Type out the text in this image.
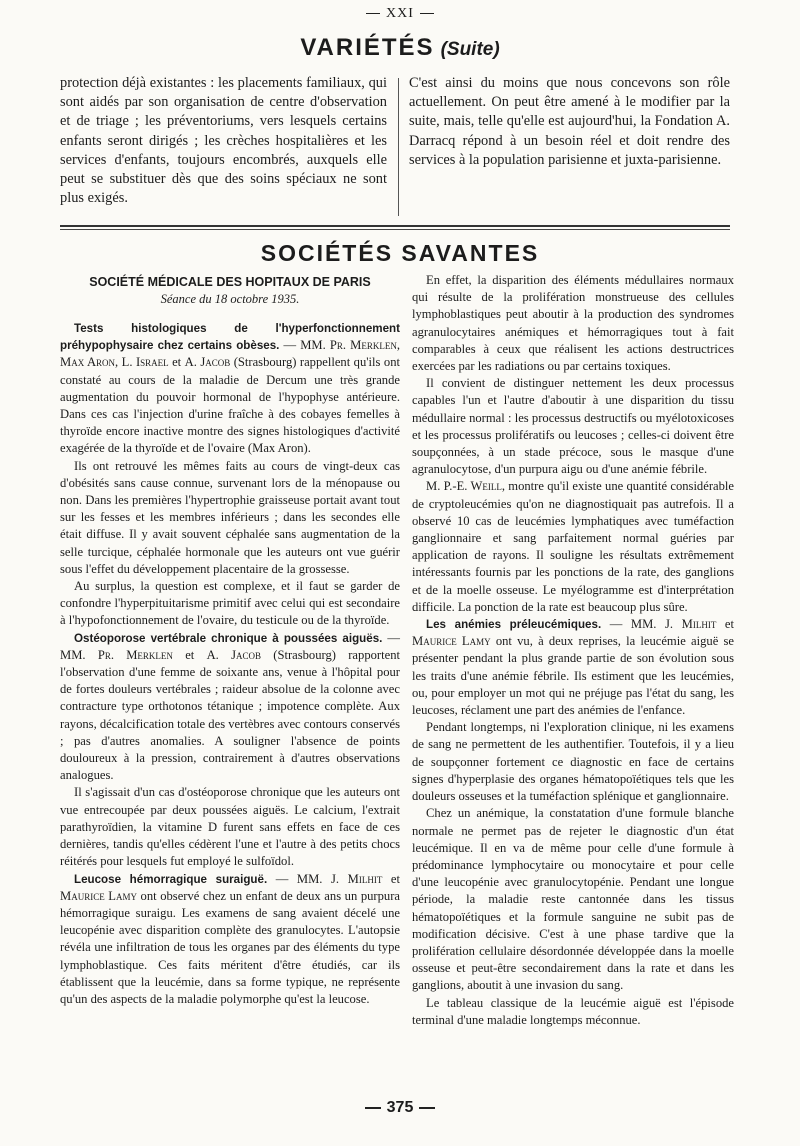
XXI
VARIÉTÉS (Suite)
protection déjà existantes : les placements familiaux, qui sont aidés par son organisation de centre d'observation et de triage ; les préventoriums, vers lesquels certains enfants seront dirigés ; les crèches hospitalières et les services d'enfants, toujours encombrés, auxquels elle peut se substituer dès que des soins spéciaux ne sont plus exigés.
C'est ainsi du moins que nous concevons son rôle actuellement. On peut être amené à le modifier par la suite, mais, telle qu'elle est aujourd'hui, la Fondation A. Darracq répond à un besoin réel et doit rendre des services à la population parisienne et juxta-parisienne.
SOCIÉTÉS SAVANTES
SOCIÉTÉ MÉDICALE DES HOPITAUX DE PARIS
Séance du 18 octobre 1935.

Tests histologiques de l'hyperfonctionnement préhypophysaire chez certains obèses. — MM. Pr. Merklen, Max Aron, L. Israel et A. Jacob (Strasbourg) rappellent qu'ils ont constaté au cours de la maladie de Dercum une très grande augmentation du pouvoir hormonal de l'hypophyse antérieure. Dans ces cas l'injection d'urine fraîche à des cobayes femelles à thyroïde encore inactive montre des signes histologiques d'activité exagérée de la thyroïde et de l'ovaire (Max Aron).

Ils ont retrouvé les mêmes faits au cours de vingt-deux cas d'obésités sans cause connue, survenant lors de la ménopause ou non. Dans les premières l'hypertrophie graisseuse portait avant tout sur les fesses et les membres inférieurs ; dans les secondes elle était diffuse. Il y avait souvent céphalée sans augmentation de la selle turcique, céphalée hormonale que les auteurs ont vue guérir sous l'effet du développement placentaire de la grossesse.

Au surplus, la question est complexe, et il faut se garder de confondre l'hyperpituitarisme primitif avec celui qui est secondaire à l'hypofonctionnement de l'ovaire, du testicule ou de la thyroïde.

Ostéoporose vertébrale chronique à poussées aiguës. — MM. Pr. Merklen et A. Jacob (Strasbourg) rapportent l'observation d'une femme de soixante ans, venue à l'hôpital pour de fortes douleurs vertébrales ; raideur absolue de la colonne avec contracture type orthotonos tétanique ; impotence complète. Aux rayons, décalcification totale des vertèbres avec contours conservés ; pas d'autres anomalies. A souligner l'absence de points douloureux à la pression, contrairement à d'autres observations analogues.

Il s'agissait d'un cas d'ostéoporose chronique que les auteurs ont vue entrecoupée par deux poussées aiguës. Le calcium, l'extrait parathyroïdien, la vitamine D furent sans effets en face de ces dernières, tandis qu'elles cédèrent l'une et l'autre à des petits chocs réitérés pour lesquels fut employé le sulfoïdol.

Leucose hémorragique suraiguë. — MM. J. Milhit et Maurice Lamy ont observé chez un enfant de deux ans un purpura hémorragique suraigu. Les examens de sang avaient décelé une leucopénie avec disparition complète des granulocytes. L'autopsie révéla une infiltration de tous les organes par des éléments du type lymphoblastique. Ces faits méritent d'être étudiés, car ils établissent que la leucémie, dans sa forme typique, ne représente qu'un des aspects de la maladie polymorphe qu'est la leucose.

En effet, la disparition des éléments médullaires normaux qui résulte de la prolifération monstrueuse des cellules lymphoblastiques peut aboutir à la production des syndromes agranulocytaires anémiques et hémorragiques tout à fait comparables à ceux que réalisent les actions destructrices exercées par les radiations ou par certains toxiques.

Il convient de distinguer nettement les deux processus capables l'un et l'autre d'aboutir à une disparition du tissu médullaire normal : les processus destructifs ou myélotoxicoses et les processus prolifératifs ou leucoses ; celles-ci doivent être soupçonnées, à un stade précoce, sous le masque d'une agranulocytose, d'un purpura aigu ou d'une anémie fébrile.

M. P.-E. Weill, montre qu'il existe une quantité considérable de cryptoleucémies qu'on ne diagnostiquait pas autrefois. Il a observé 10 cas de leucémies lymphatiques avec tuméfaction ganglionnaire et sang parfaitement normal guéries par application de rayons. Il souligne les résultats extrêmement intéressants fournis par les ponctions de la rate, des ganglions et de la moelle osseuse. Le myélogramme est d'interprétation difficile. La ponction de la rate est beaucoup plus sûre.

Les anémies préleucémiques. — MM. J. Milhit et Maurice Lamy ont vu, à deux reprises, la leucémie aiguë se présenter pendant la plus grande partie de son évolution sous les traits d'une anémie fébrile. Ils estiment que les leucémies, ou, pour employer un mot qui ne préjuge pas l'état du sang, les leucoses, réclament une part des anémies de l'enfance.

Pendant longtemps, ni l'exploration clinique, ni les examens de sang ne permettent de les authentifier. Toutefois, il y a lieu de soupçonner fortement ce diagnostic en face de certains signes d'hyperplasie des organes hématopoïétiques tels que les douleurs osseuses et la tuméfaction splénique et ganglionnaire.

Chez un anémique, la constatation d'une formule blanche normale ne permet pas de rejeter le diagnostic d'un état leucémique. Il en va de même pour celle d'une formule à prédominance lymphocytaire ou monocytaire et pour celle d'une leucopénie avec granulocytopénie. Pendant une longue période, la maladie reste cantonnée dans les tissus hématopoïétiques et la formule sanguine ne subit pas de modification décisive. C'est à une phase tardive que la prolifération cellulaire désordonnée développée dans la moelle osseuse et peut-être secondairement dans la rate et dans les ganglions, aboutit à une invasion du sang.

Le tableau classique de la leucémie aiguë est l'épisode terminal d'une maladie longtemps méconnue.

375
